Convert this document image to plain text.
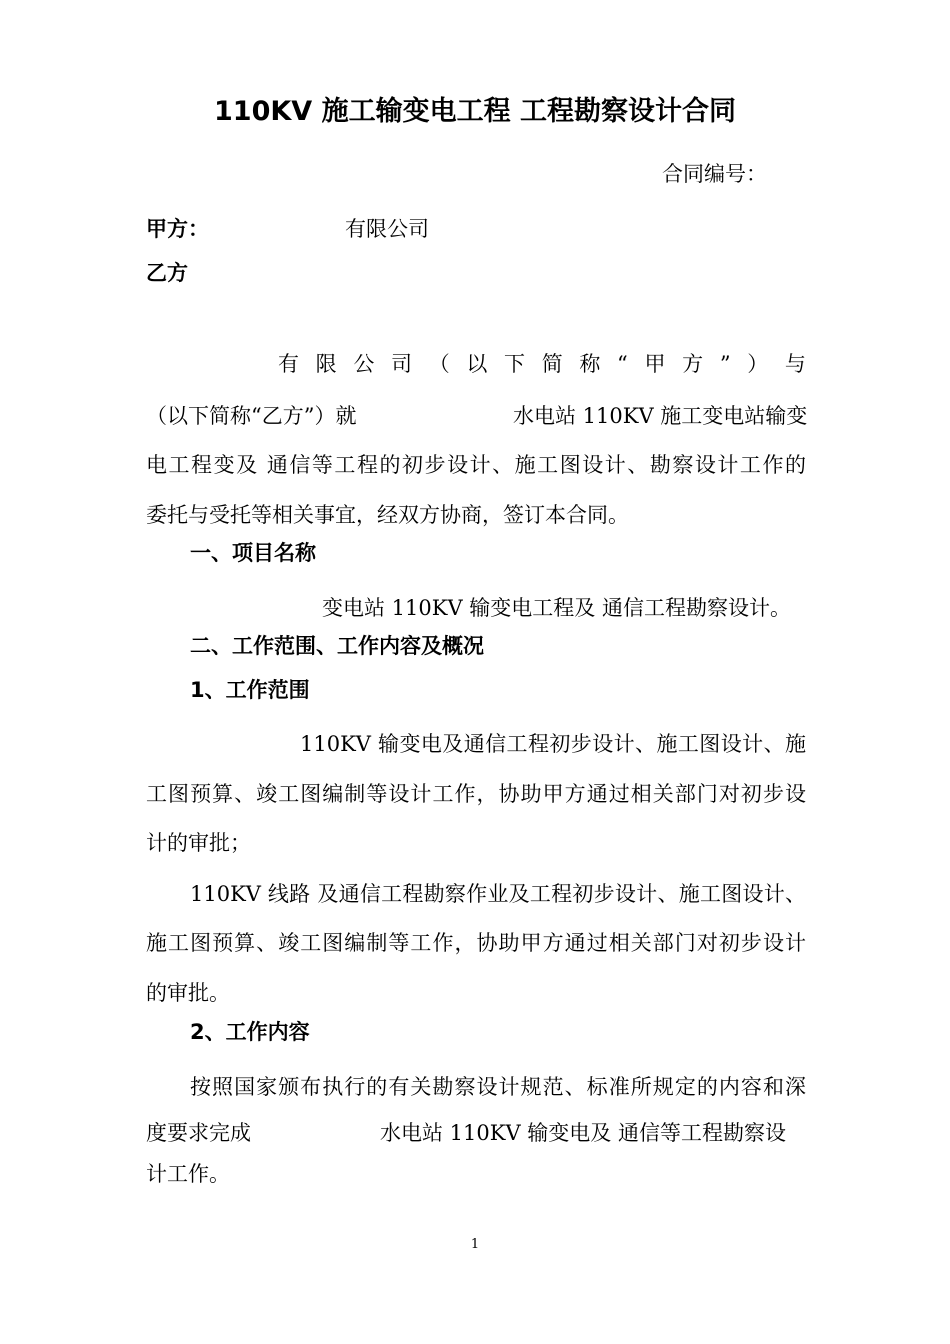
110KV 施工输变电工程 工程勘察设计合同
合同编号：
甲方：	有限公司
乙方
有 限 公 司 （ 以 下 简 称 “ 甲 方 ” ） 与
（以下简称“乙方”）就	水电站 110KV 施工变电站输变
电工程变及 通信等工程的初步设计、施工图设计、勘察设计工作的
委托与受托等相关事宜，经双方协商，签订本合同。
一、项目名称
变电站 110KV 输变电工程及 通信工程勘察设计。
二、工作范围、工作内容及概况
1、工作范围
110KV 输变电及通信工程初步设计、施工图设计、施
工图预算、竣工图编制等设计工作，协助甲方通过相关部门对初步设
计的审批；
110KV 线路 及通信工程勘察作业及工程初步设计、施工图设计、
施工图预算、竣工图编制等工作，协助甲方通过相关部门对初步设计
的审批。
2、工作内容
按照国家颁布执行的有关勘察设计规范、标准所规定的内容和深
度要求完成	水电站 110KV 输变电及 通信等工程勘察设
计工作。
1
